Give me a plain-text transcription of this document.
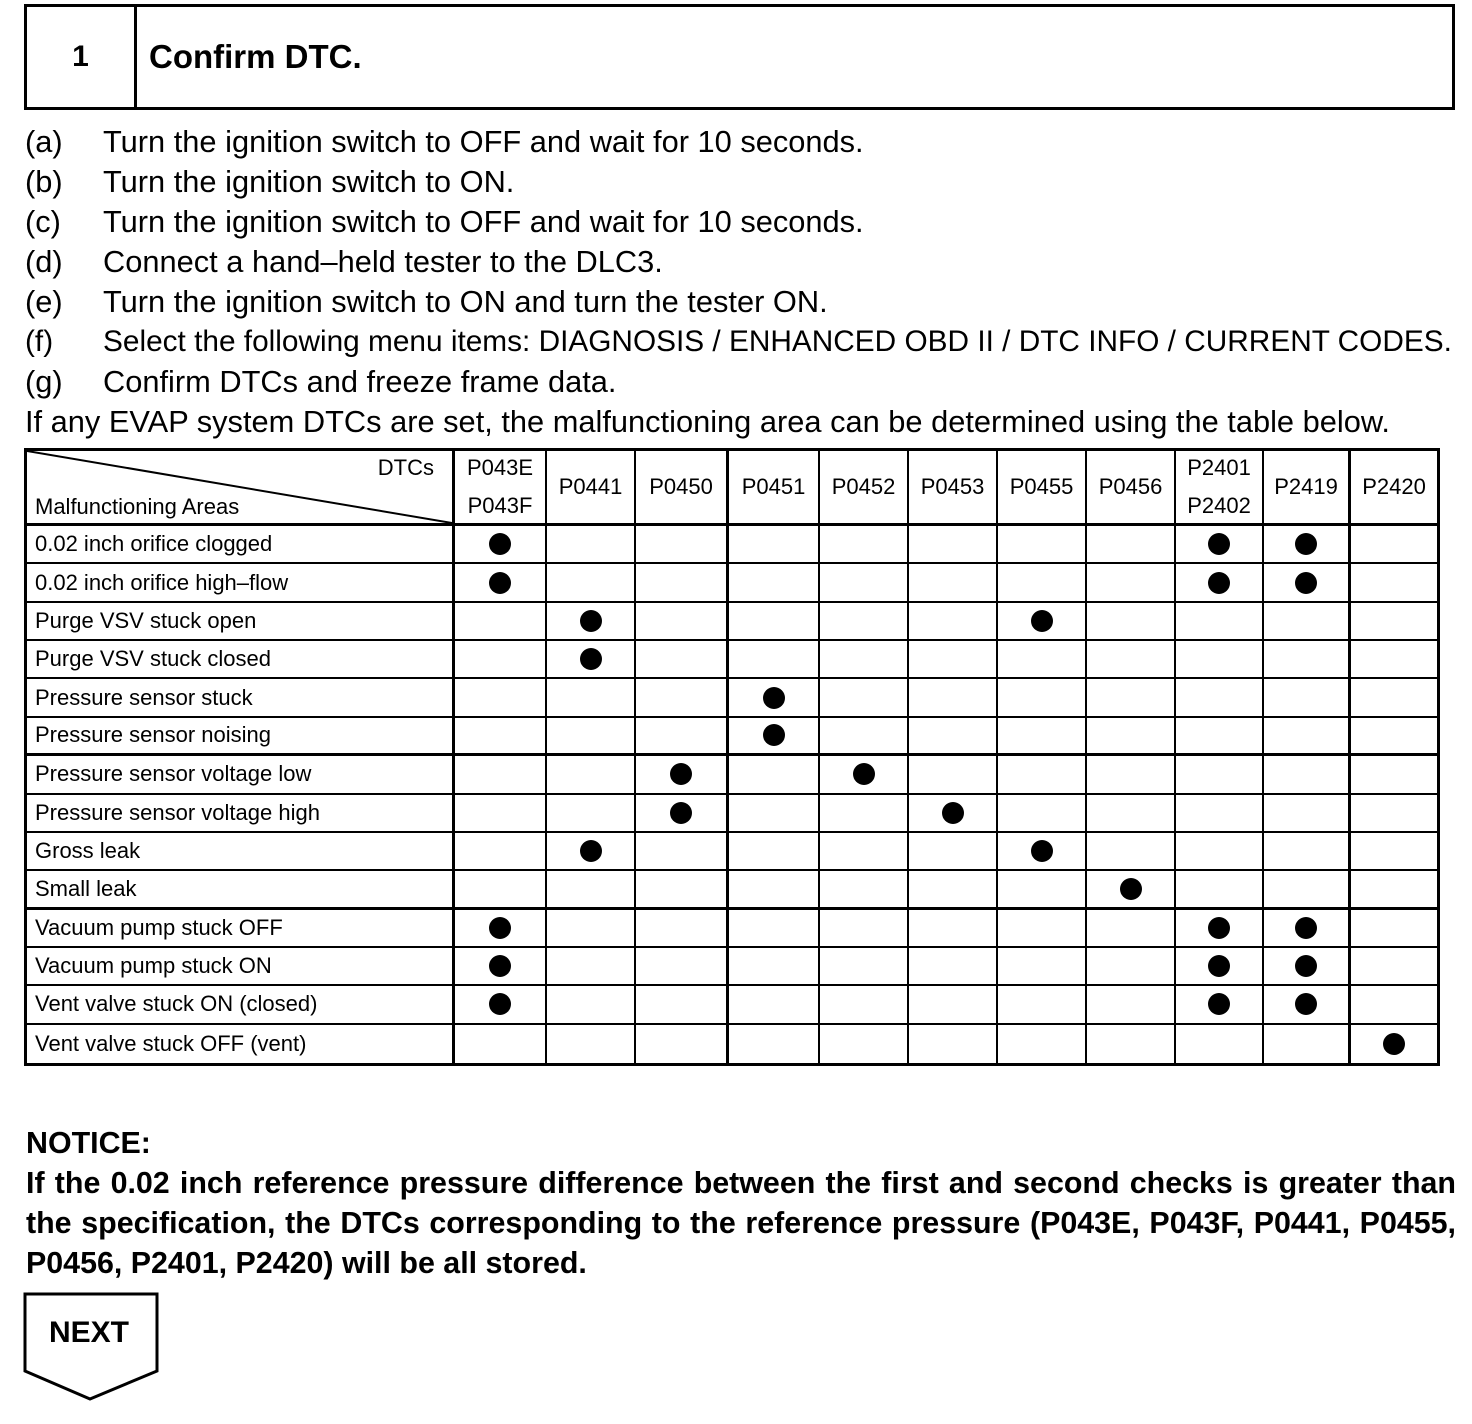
1	Confirm DTC.
(a) Turn the ignition switch to OFF and wait for 10 seconds.
(b) Turn the ignition switch to ON.
(c) Turn the ignition switch to OFF and wait for 10 seconds.
(d) Connect a hand–held tester to the DLC3.
(e) Turn the ignition switch to ON and turn the tester ON.
(f) Select the following menu items: DIAGNOSIS / ENHANCED OBD II / DTC INFO / CURRENT CODES.
(g) Confirm DTCs and freeze frame data.
If any EVAP system DTCs are set, the malfunctioning area can be determined using the table below.
DTCs
Malfunctioning Areas
P043E
P043F
P0441 P0450 P0451 P0452 P0453 P0455 P0456
P2401
P2402
P2419 P2420
0.02 inch orifice clogged
0.02 inch orifice high–flow
Purge VSV stuck open
Purge VSV stuck closed
Pressure sensor stuck
Pressure sensor noising
Pressure sensor voltage low
Pressure sensor voltage high
Gross leak
Small leak
Vacuum pump stuck OFF
Vacuum pump stuck ON
Vent valve stuck ON (closed)
Vent valve stuck OFF (vent)
NOTICE:
If the 0.02 inch reference pressure difference between the first and second checks is greater than
the specification, the DTCs corresponding to the reference pressure (P043E, P043F, P0441, P0455,
P0456, P2401, P2420) will be all stored.
NEXT
